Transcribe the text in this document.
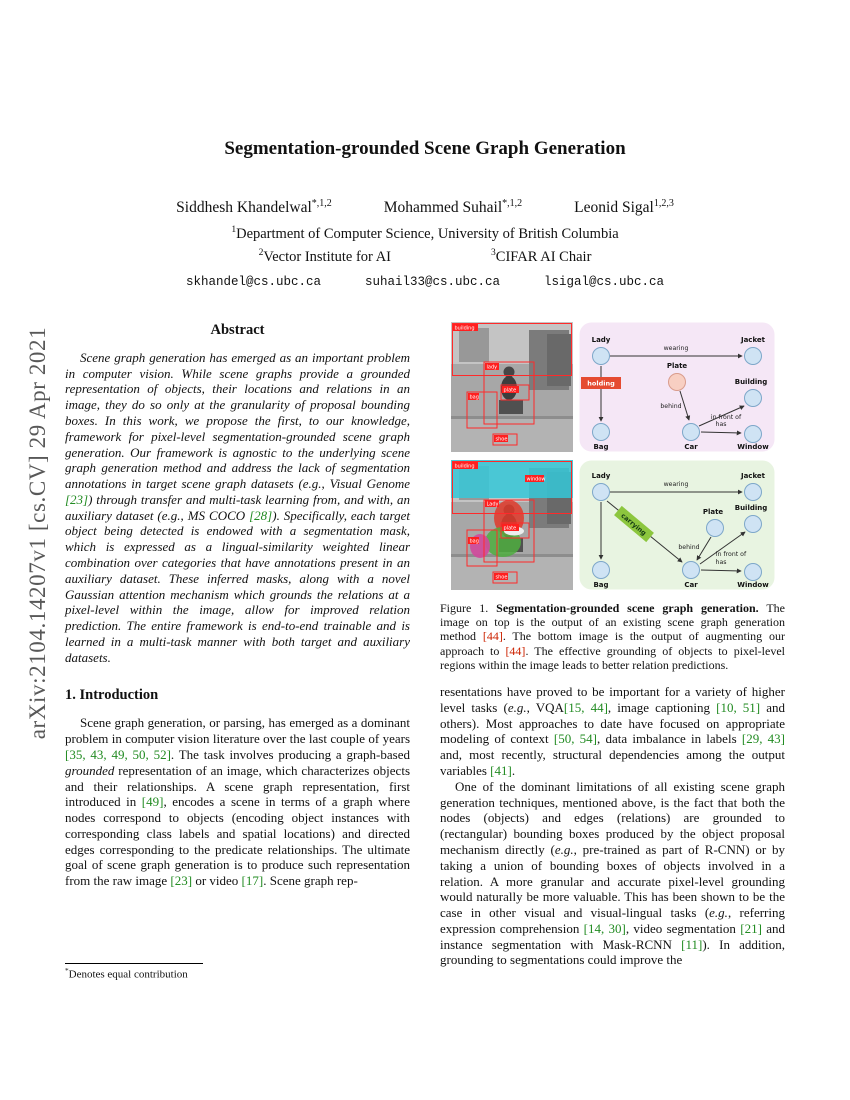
arXiv:2104.14207v1 [cs.CV] 29 Apr 2021
Segmentation-grounded Scene Graph Generation
Siddhesh Khandelwal$^{*,1,2}$	Mohammed Suhail$^{*,1,2}$	Leonid Sigal$^{1,2,3}$
$^1$Department of Computer Science, University of British Columbia
$^2$Vector Institute for AI	$^3$CIFAR AI Chair
skhandel@cs.ubc.ca	suhail33@cs.ubc.ca	lsigal@cs.ubc.ca
Abstract

Scene graph generation has emerged as an important problem in computer vision. While scene graphs provide a grounded representation of objects, their locations and relations in an image, they do so only at the granularity of proposal bounding boxes. In this work, we propose the first, to our knowledge, framework for pixel-level segmentation-grounded scene graph generation. Our framework is agnostic to the underlying scene graph generation method and address the lack of segmentation annotations in target scene graph datasets (e.g., Visual Genome [23]) through transfer and multi-task learning from, and with, an auxiliary dataset (e.g., MS COCO [28]). Specifically, each target object being detected is endowed with a segmentation mask, which is expressed as a lingual-similarity weighted linear combination over categories that have annotations present in an auxiliary dataset. These inferred masks, along with a novel Gaussian attention mechanism which grounds the relations at a pixel-level within the image, allow for improved relation prediction. The entire framework is end-to-end trainable and is learned in a multi-task manner with both target and auxiliary datasets.

1. Introduction

Scene graph generation, or parsing, has emerged as a dominant problem in computer vision literature over the last couple of years [35, 43, 49, 50, 52]. The task involves producing a graph-based grounded representation of an image, which characterizes objects and their relationships. A scene graph representation, first introduced in [49], encodes a scene in terms of a graph where nodes correspond to objects (encoding object instances with corresponding class labels and spatial locations) and directed edges corresponding to the predicate relationships. The ultimate goal of scene graph generation is to produce such representation from the raw image [23] or video [17]. Scene graph rep-

building
lady
plate
bag
shoe
wearing
holding
behind
in front of
has
Lady	Jacket
Plate
Building
Bag	Car	Window
building
window
Lady
plate
bag
shoe
wearing
carrying
behind
in front of
has
Lady	Jacket
Plate Building
Bag	Car	Window
Figure 1. Segmentation-grounded scene graph generation. The image on top is the output of an existing scene graph generation method [44]. The bottom image is the output of augmenting our approach to [44]. The effective grounding of objects to pixel-level regions within the image leads to better relation predictions.

resentations have proved to be important for a variety of higher level tasks (e.g., VQA[15, 44], image captioning [10, 51] and others). Most approaches to date have focused on appropriate modeling of context [50, 54], data imbalance in labels [29, 43] and, most recently, structural dependencies among the output variables [41].

One of the dominant limitations of all existing scene graph generation techniques, mentioned above, is the fact that both the nodes (objects) and edges (relations) are grounded to (rectangular) bounding boxes produced by the object proposal mechanism directly (e.g., pre-trained as part of R-CNN) or by taking a union of bounding boxes of objects involved in a relation. A more granular and accurate pixel-level grounding would naturally be more valuable. This has been shown to be the case in other visual and visual-lingual tasks (e.g., referring expression comprehension [14, 30], video segmentation [21] and instance segmentation with Mask-RCNN [11]). In addition, grounding to segmentations could improve the

*Denotes equal contribution
